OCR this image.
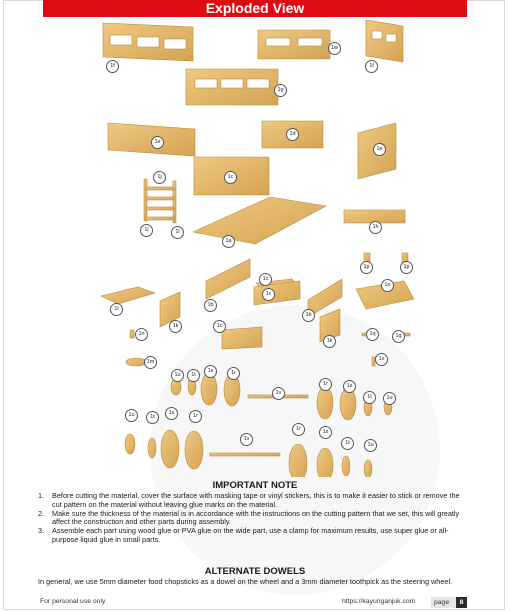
Exploded View
1f
1w
1f
1g
1e
1d
1e
1c
1j
1i	1i
1a
1h
1p	1p
1c
1c
1o
1b
1b
1l
1k	1c
1k
1n	1q	1q
1m	1x
1u	1t
1s	1r
1v
1r	1s
1t	1u
1u	1t
1s	1r
1v
1r	1s
1t	1u
IMPORTANT NOTE
1. Before cutting the material, cover the surface with masking tape or vinyl stickers, this is to make it easier to stick or remove the cut pattern on the material without leaving glue marks on the material.
2. Make sure the thickness of the material is in accordance with the instructions on the cutting pattern that we set, this will greatly affect the construction and other parts during assembly.
3. Assemble each part using wood glue or PVA glue on the wide part, use a clamp for maximum results, use super glue or all-purpose liquid glue in small parts.
ALTERNATE DOWELS
In general, we use 5mm diameter food chopsticks as a dowel on the wheel and a 3mm diameter toothpick as the steering wheel.
For personal use only	https://kayunganjuk.com	page	8
